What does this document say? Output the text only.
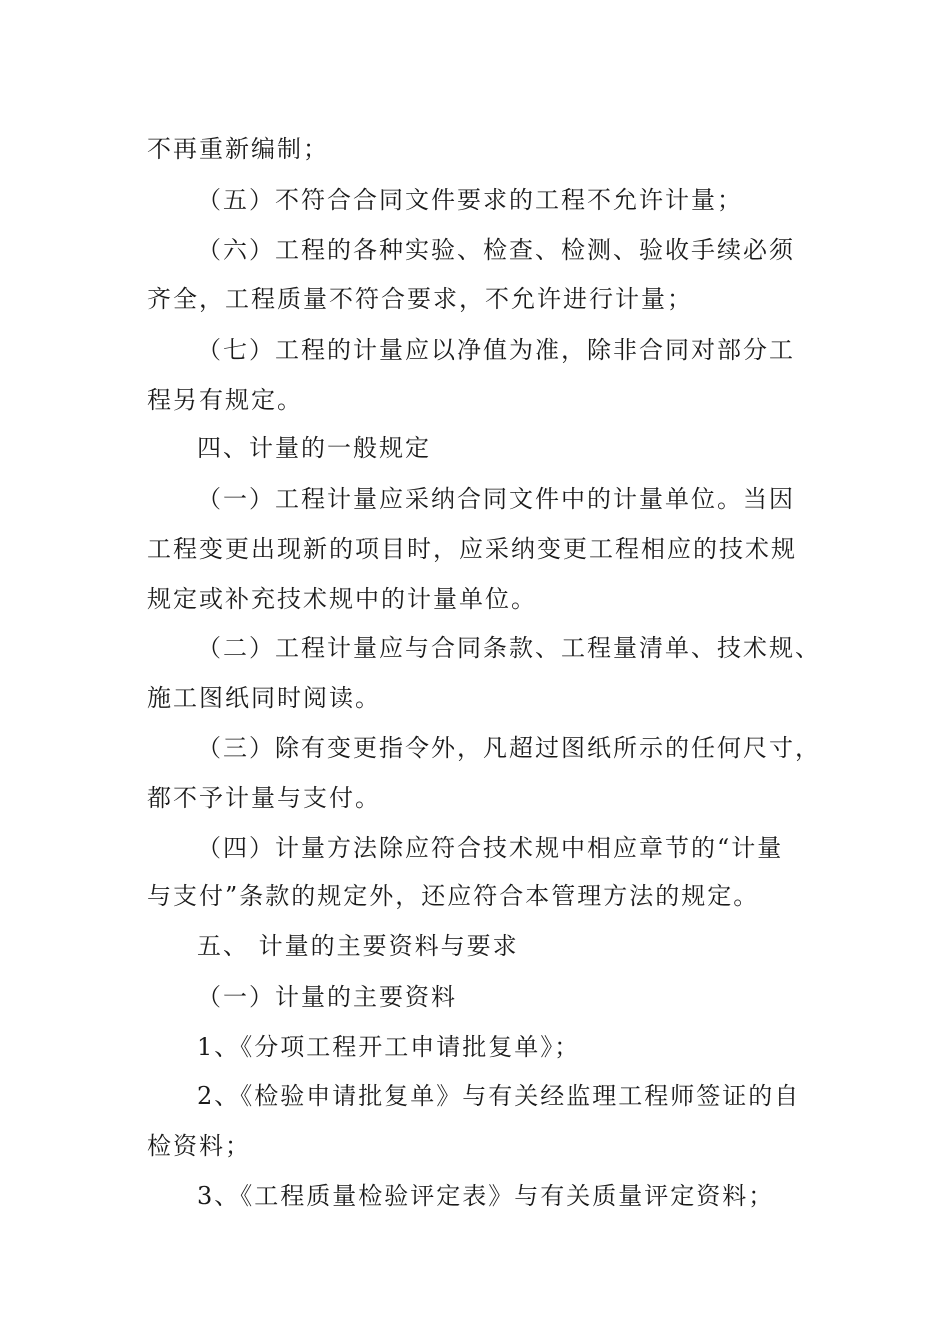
不再重新编制；
（五）不符合合同文件要求的工程不允许计量；
（六）工程的各种实验、检查、检测、验收手续必须
齐全，工程质量不符合要求，不允许进行计量；
（七）工程的计量应以净值为准，除非合同对部分工
程另有规定。
四、计量的一般规定
（一）工程计量应采纳合同文件中的计量单位。当因
工程变更出现新的项目时，应采纳变更工程相应的技术规
规定或补充技术规中的计量单位。
（二）工程计量应与合同条款、工程量清单、技术规、
施工图纸同时阅读。
（三）除有变更指令外，凡超过图纸所示的任何尺寸，
都不予计量与支付。
（四）计量方法除应符合技术规中相应章节的“计量
与支付”条款的规定外，还应符合本管理方法的规定。
五、 计量的主要资料与要求
（一）计量的主要资料
1、《分项工程开工申请批复单》；
2、《检验申请批复单》与有关经监理工程师签证的自
检资料；
3、《工程质量检验评定表》与有关质量评定资料；
